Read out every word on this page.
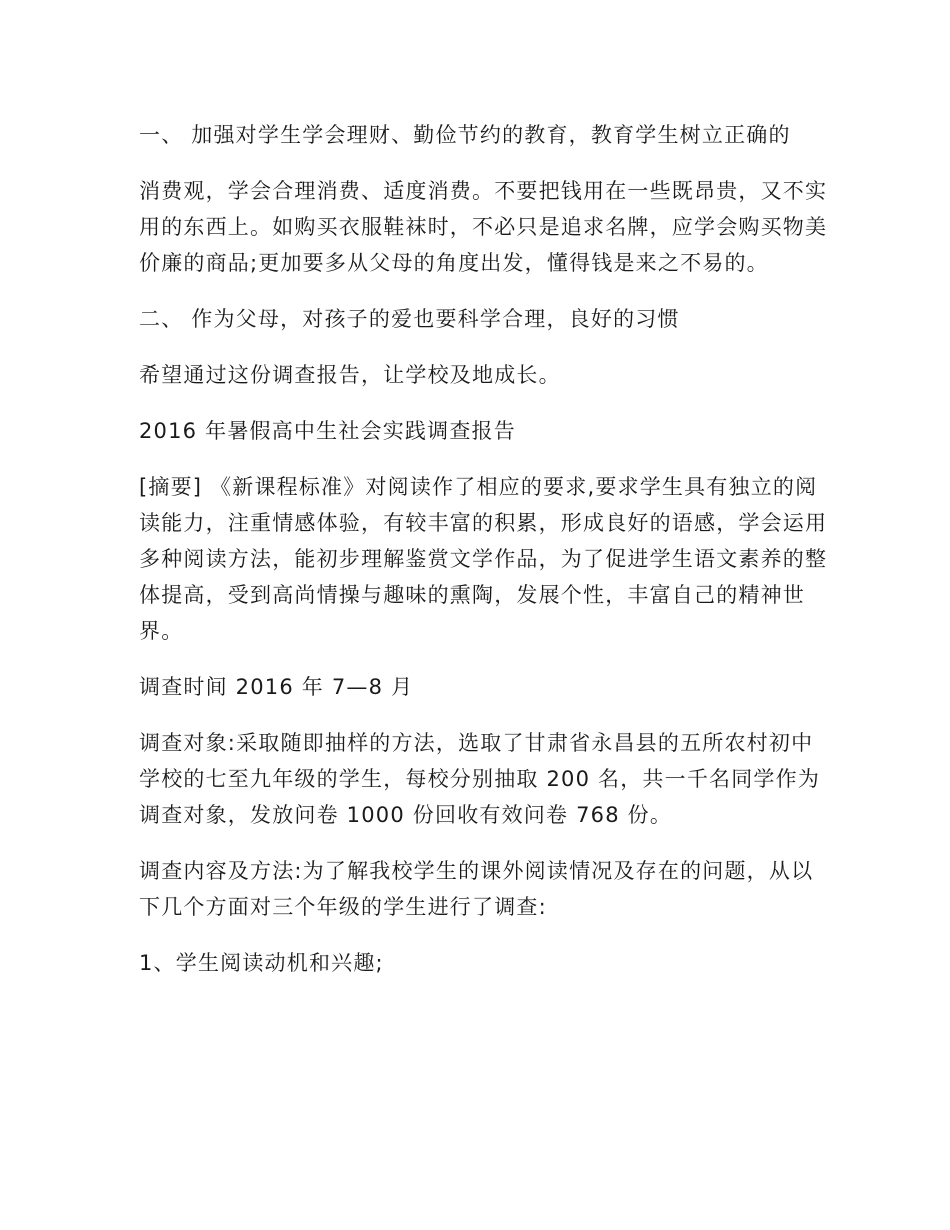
一、 加强对学生学会理财、勤俭节约的教育，教育学生树立正确的

消费观，学会合理消费、适度消费。不要把钱用在一些既昂贵，又不实用的东西上。如购买衣服鞋袜时，不必只是追求名牌，应学会购买物美价廉的商品;更加要多从父母的角度出发，懂得钱是来之不易的。

二、 作为父母，对孩子的爱也要科学合理，良好的习惯

希望通过这份调查报告，让学校及地成长。

2016 年暑假高中生社会实践调查报告

[摘要] 《新课程标准》对阅读作了相应的要求,要求学生具有独立的阅读能力，注重情感体验，有较丰富的积累，形成良好的语感，学会运用多种阅读方法，能初步理解鉴赏文学作品，为了促进学生语文素养的整体提高，受到高尚情操与趣味的熏陶，发展个性，丰富自己的精神世界。

调查时间 2016 年 7—8 月

调查对象:采取随即抽样的方法，选取了甘肃省永昌县的五所农村初中学校的七至九年级的学生，每校分别抽取 200 名，共一千名同学作为调查对象，发放问卷 1000 份回收有效问卷 768 份。

调查内容及方法:为了解我校学生的课外阅读情况及存在的问题，从以下几个方面对三个年级的学生进行了调查:

1、学生阅读动机和兴趣;
